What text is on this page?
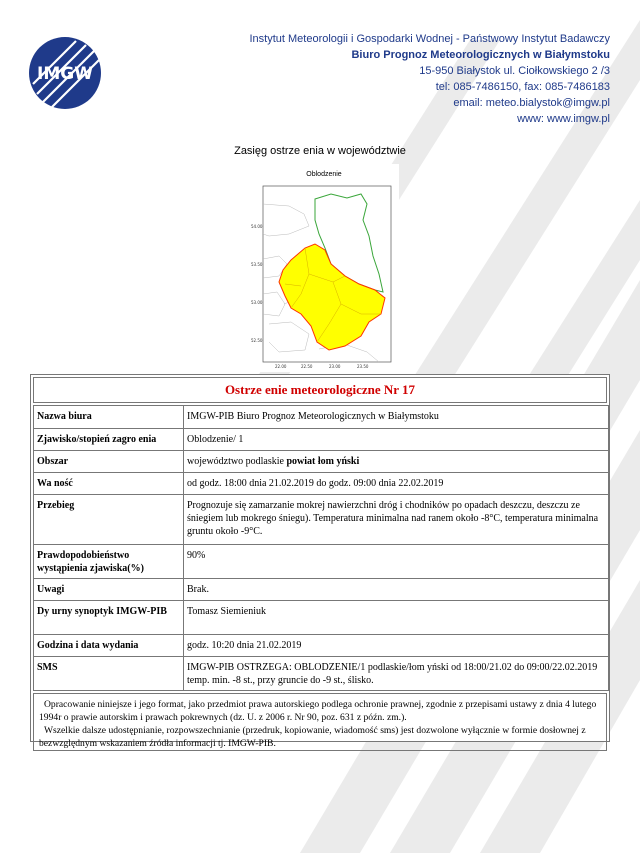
IMGW
Instytut Meteorologii i Gospodarki Wodnej - Państwowy Instytut Badawczy
Biuro Prognoz Meteorologicznych w Białymstoku
15-950 Białystok ul. Ciołkowskiego 2 /3
tel: 085-7486150, fax: 085-7486183
email: meteo.bialystok@imgw.pl
www: www.imgw.pl
Zasięg ostrze enia w województwie
54.00
53.50
53.00
52.50
22.00	22.50	23.00	23.50
Oblodzenie
Ostrze enie meteorologiczne Nr 17
Nazwa biura	IMGW-PIB Biuro Prognoz Meteorologicznych w Białymstoku
Zjawisko/stopień zagro enia	Oblodzenie/ 1
Obszar	województwo podlaskie powiat łom yński
Wa ność	od godz. 18:00 dnia 21.02.2019 do godz. 09:00 dnia 22.02.2019
Przebieg	Prognozuje się zamarzanie mokrej nawierzchni dróg i chodników po opadach deszczu, deszczu ze śniegiem lub mokrego śniegu). Temperatura minimalna nad ranem około -8°C, temperatura minimalna gruntu około -9°C.
Prawdopodobieństwo wystąpienia zjawiska(%)	90%
Uwagi	Brak.
Dy urny synoptyk IMGW-PIB	Tomasz Siemieniuk
Godzina i data wydania	godz. 10:20 dnia 21.02.2019
SMS	IMGW-PIB OSTRZEGA: OBLODZENIE/1 podlaskie/łom yński od 18:00/21.02 do 09:00/22.02.2019 temp. min. -8 st., przy gruncie do -9 st., ślisko.

Opracowanie niniejsze i jego format, jako przedmiot prawa autorskiego podlega ochronie prawnej, zgodnie z przepisami ustawy z dnia 4 lutego 1994r o prawie autorskim i prawach pokrewnych (dz. U. z 2006 r. Nr 90, poz. 631 z późn. zm.).

Wszelkie dalsze udostępnianie, rozpowszechnianie (przedruk, kopiowanie, wiadomość sms) jest dozwolone wyłącznie w formie dosłownej z bezwzględnym wskazaniem źródła informacji tj. IMGW-PIB.
